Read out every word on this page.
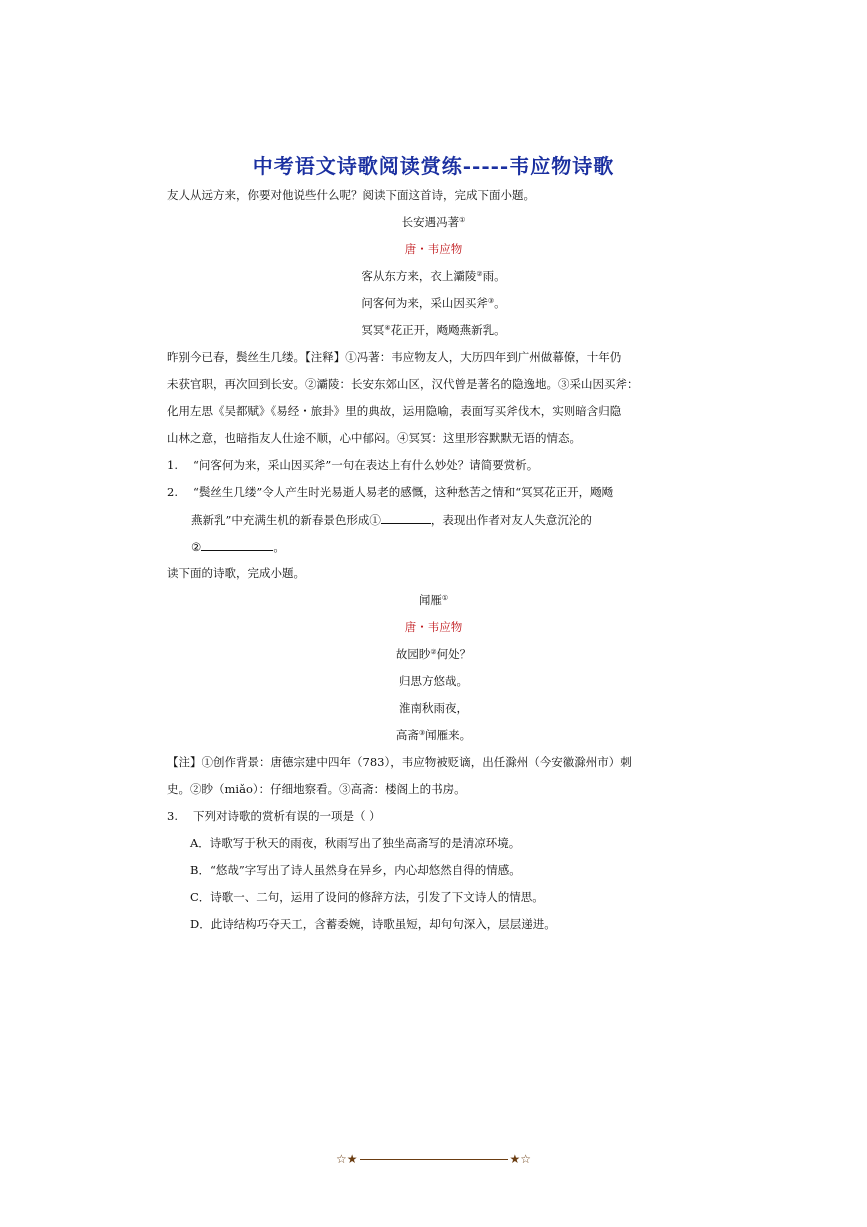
中考语文诗歌阅读赏练-----韦应物诗歌
友人从远方来，你要对他说些什么呢？阅读下面这首诗，完成下面小题。
长安遇冯著①
唐・韦应物
客从东方来，衣上灞陵②雨。
问客何为来，采山因买斧③。
冥冥④花正开，飏飏燕新乳。
昨别今已春，鬓丝生几缕。【注释】①冯著：韦应物友人，大历四年到广州做幕僚，十年仍
未获官职，再次回到长安。②灞陵：长安东郊山区，汉代曾是著名的隐逸地。③采山因买斧：
化用左思《吴都赋》《易经・旅卦》里的典故，运用隐喻，表面写买斧伐木，实则暗含归隐
山林之意，也暗指友人仕途不顺，心中郁闷。④冥冥：这里形容默默无语的情态。
1. “问客何为来，采山因买斧”一句在表达上有什么妙处？请简要赏析。
2. “鬓丝生几缕”令人产生时光易逝人易老的感慨，这种愁苦之情和“冥冥花正开，飏飏
燕新乳”中充满生机的新春景色形成①	，表现出作者对友人失意沉沦的
②	。
读下面的诗歌，完成小题。
闻雁①
唐・韦应物
故园眇②何处？
归思方悠哉。
淮南秋雨夜，
高斋③闻雁来。
【注】①创作背景：唐德宗建中四年（783），韦应物被贬谪，出任滁州（今安徽滁州市）刺
史。②眇（miǎo）：仔细地察看。③高斋：楼阁上的书房。
3. 下列对诗歌的赏析有误的一项是（ ）
A．诗歌写于秋天的雨夜，秋雨写出了独坐高斋写的是清凉环境。
B．“悠哉”字写出了诗人虽然身在异乡，内心却悠然自得的情感。
C．诗歌一、二句，运用了设问的修辞方法，引发了下文诗人的情思。
D．此诗结构巧夺天工，含蓄委婉，诗歌虽短，却句句深入，层层递进。
☆★	★☆
